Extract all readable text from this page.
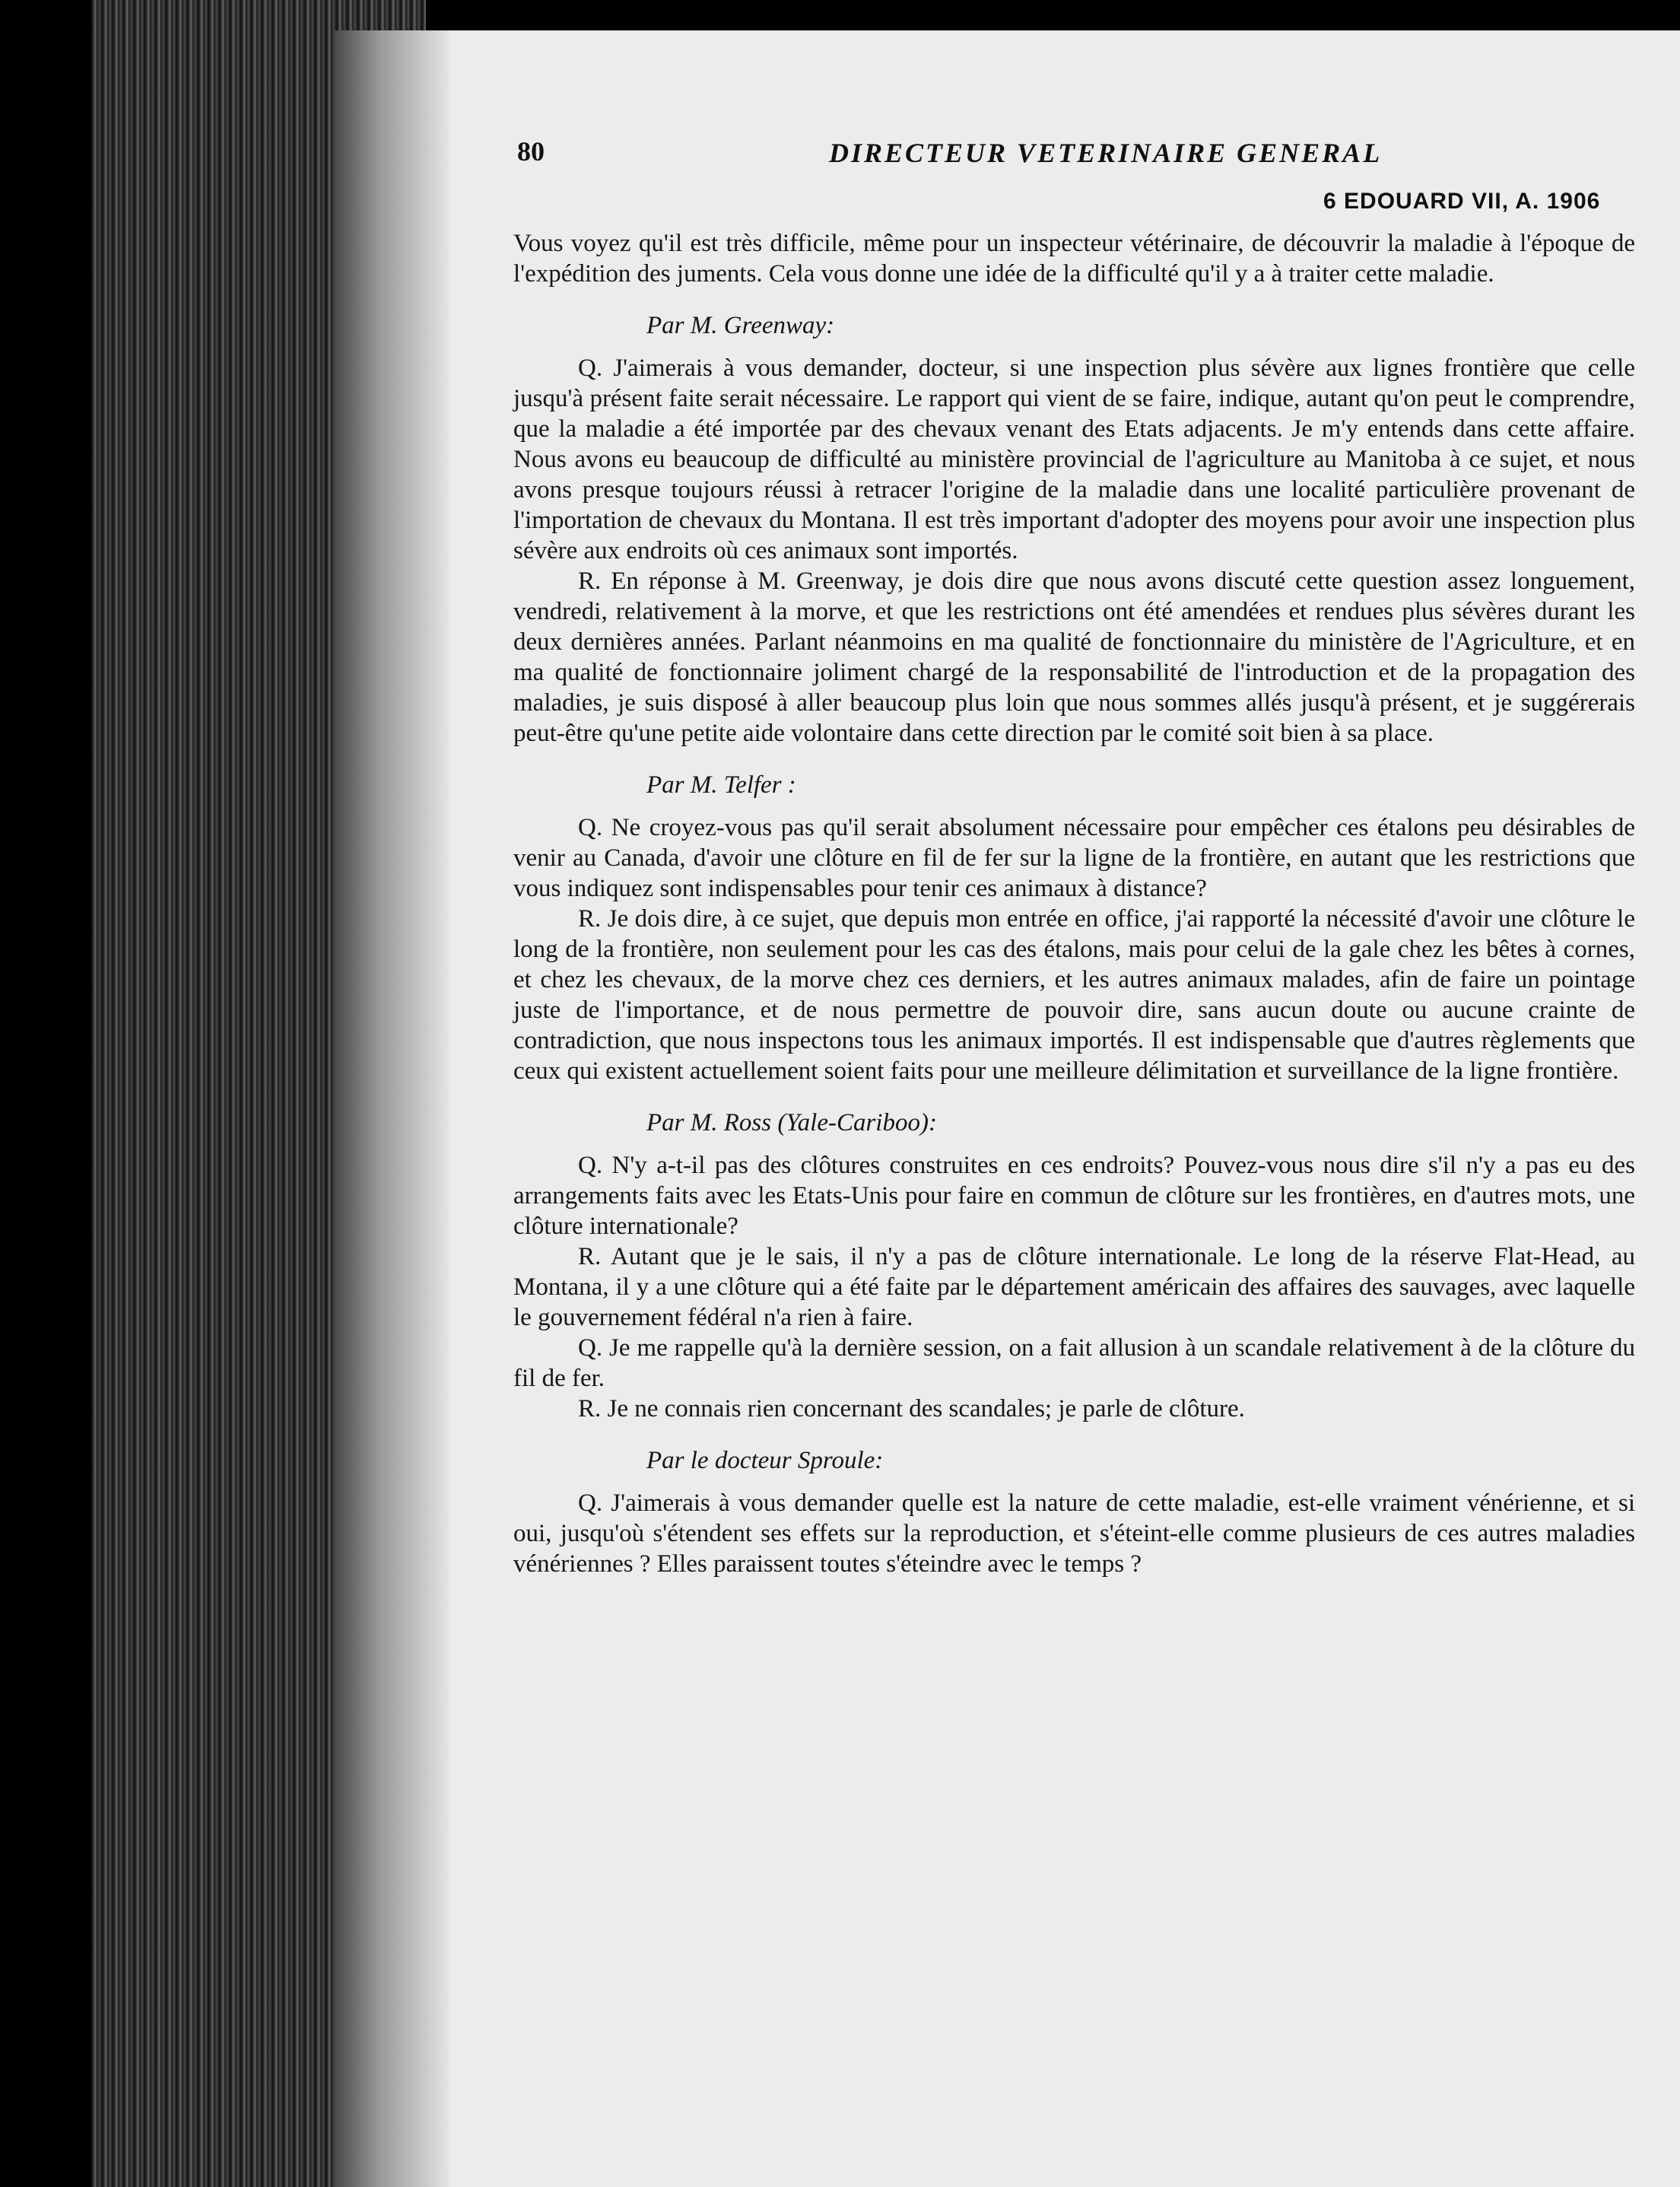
80	DIRECTEUR VETERINAIRE GENERAL
6 EDOUARD VII, A. 1906

Vous voyez qu'il est très difficile, même pour un inspecteur vétérinaire, de découvrir la maladie à l'époque de l'expédition des juments. Cela vous donne une idée de la difficulté qu'il y a à traiter cette maladie.

Par M. Greenway:

Q. J'aimerais à vous demander, docteur, si une inspection plus sévère aux lignes frontière que celle jusqu'à présent faite serait nécessaire. Le rapport qui vient de se faire, indique, autant qu'on peut le comprendre, que la maladie a été importée par des chevaux venant des Etats adjacents. Je m'y entends dans cette affaire. Nous avons eu beaucoup de difficulté au ministère provincial de l'agriculture au Manitoba à ce sujet, et nous avons presque toujours réussi à retracer l'origine de la maladie dans une localité particulière provenant de l'importation de chevaux du Montana. Il est très important d'adopter des moyens pour avoir une inspection plus sévère aux endroits où ces animaux sont importés.

R. En réponse à M. Greenway, je dois dire que nous avons discuté cette question assez longuement, vendredi, relativement à la morve, et que les restrictions ont été amendées et rendues plus sévères durant les deux dernières années. Parlant néanmoins en ma qualité de fonctionnaire du ministère de l'Agriculture, et en ma qualité de fonctionnaire joliment chargé de la responsabilité de l'introduction et de la propagation des maladies, je suis disposé à aller beaucoup plus loin que nous sommes allés jusqu'à présent, et je suggérerais peut-être qu'une petite aide volontaire dans cette direction par le comité soit bien à sa place.

Par M. Telfer :

Q. Ne croyez-vous pas qu'il serait absolument nécessaire pour empêcher ces étalons peu désirables de venir au Canada, d'avoir une clôture en fil de fer sur la ligne de la frontière, en autant que les restrictions que vous indiquez sont indispensables pour tenir ces animaux à distance?

R. Je dois dire, à ce sujet, que depuis mon entrée en office, j'ai rapporté la nécessité d'avoir une clôture le long de la frontière, non seulement pour les cas des étalons, mais pour celui de la gale chez les bêtes à cornes, et chez les chevaux, de la morve chez ces derniers, et les autres animaux malades, afin de faire un pointage juste de l'importance, et de nous permettre de pouvoir dire, sans aucun doute ou aucune crainte de contradiction, que nous inspectons tous les animaux importés. Il est indispensable que d'autres règlements que ceux qui existent actuellement soient faits pour une meilleure délimitation et surveillance de la ligne frontière.

Par M. Ross (Yale-Cariboo):

Q. N'y a-t-il pas des clôtures construites en ces endroits? Pouvez-vous nous dire s'il n'y a pas eu des arrangements faits avec les Etats-Unis pour faire en commun de clôture sur les frontières, en d'autres mots, une clôture internationale?

R. Autant que je le sais, il n'y a pas de clôture internationale. Le long de la réserve Flat-Head, au Montana, il y a une clôture qui a été faite par le département américain des affaires des sauvages, avec laquelle le gouvernement fédéral n'a rien à faire.

Q. Je me rappelle qu'à la dernière session, on a fait allusion à un scandale relativement à de la clôture du fil de fer.

R. Je ne connais rien concernant des scandales; je parle de clôture.

Par le docteur Sproule:

Q. J'aimerais à vous demander quelle est la nature de cette maladie, est-elle vraiment vénérienne, et si oui, jusqu'où s'étendent ses effets sur la reproduction, et s'éteint-elle comme plusieurs de ces autres maladies vénériennes ? Elles paraissent toutes s'éteindre avec le temps ?
